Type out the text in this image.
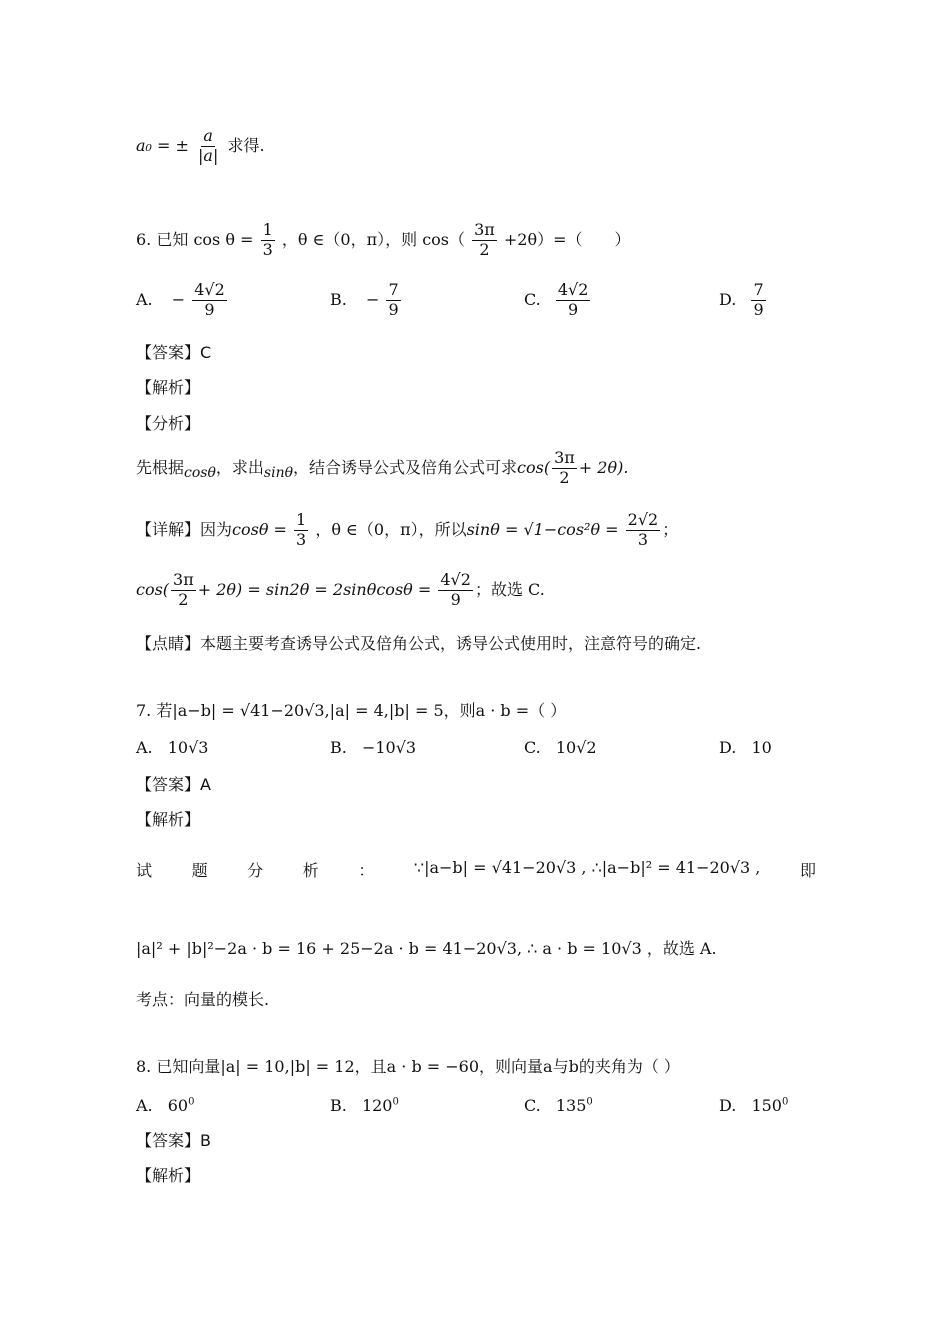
a₀ = ± $\frac{a}{|a|}$ 求得.
6. 已知 $\cos \theta = \frac{1}{3}$ ，θ ∈（0，π），则 $\cos( \frac{3\pi}{2} +2\theta)=$（　　）
A. − $\frac{4√2}{9}$	B. − $\frac{7}{9}$	C. $\frac{4√2}{9}$	D. $\frac{7}{9}$
【答案】C
【解析】
【分析】
先根据$_{cos\theta}$，求出$_{sin\theta}$，结合诱导公式及倍角公式可求$\cos( \frac{3\pi}{2} + 2\theta)$.
【详解】因为$\cos\theta = \frac{1}{3}$ ，θ ∈（0，π），所以$\sin\theta = √1-\cos^2\theta = \frac{2√2}{3}$ ；
$\cos( \frac{3\pi}{2} + 2\theta) = \sin 2\theta = 2\sin\theta\cos\theta = \frac{4√2}{9}$ ；故选 C.
【点睛】本题主要考查诱导公式及倍角公式，诱导公式使用时，注意符号的确定.
7. 若|a−b| = √41−20√3,|a| = 4,|b| = 5，则a · b =（ ）
A. 10√3	B. −10√3	C. 10√2	D. 10
【答案】A
【解析】
试 题 分 析 ： ∵|a−b| = √41−20√3 , ∴|a−b|² = 41−20√3 , 即
|a|² + |b|²−2a · b = 16 + 25−2a · b = 41−20√3, ∴ a · b = 10√3 ，故选 A.
考点：向量的模长.
8. 已知向量|a| = 10,|b| = 12，且a · b = −60，则向量a与b的夹角为（ ）
A. $60^0$	B. $120^0$	C. $135^0$	D. $150^0$
【答案】B
【解析】
